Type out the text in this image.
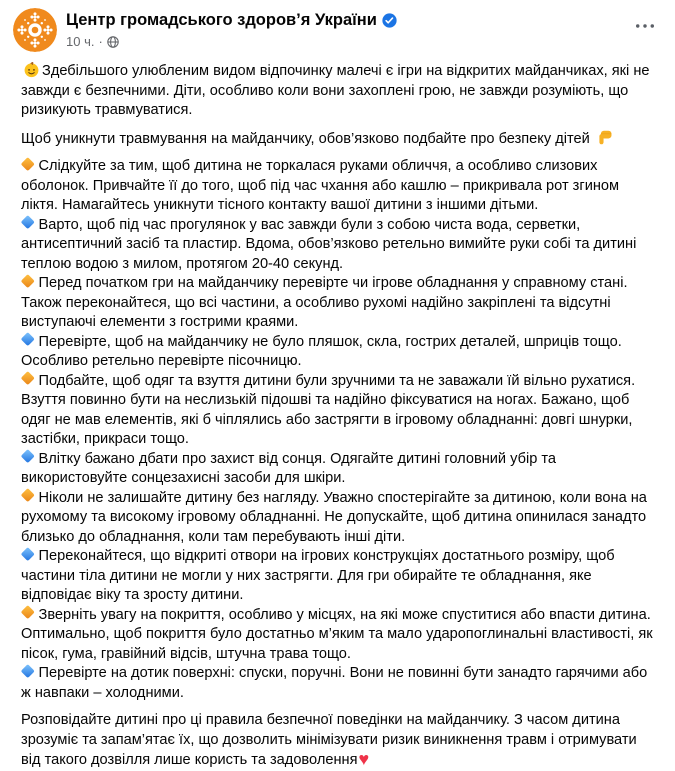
Центр громадського здоров’я України
10 ч. ·

Здебільшого улюбленим видом відпочинку малечі є ігри на відкритих майданчиках, які не завжди є безпечними. Діти, особливо коли вони захоплені грою, не завжди розуміють, що ризикують травмуватися.

Щоб уникнути травмування на майданчику, обов’язково подбайте про безпеку дітей

Слідкуйте за тим, щоб дитина не торкалася руками обличчя, а особливо слизових оболонок. Привчайте її до того, щоб під час чхання або кашлю – прикривала рот згином ліктя. Намагайтесь уникнути тісного контакту вашої дитини з іншими дітьми.
Варто, щоб під час прогулянок у вас завжди були з собою чиста вода, серветки, антисептичний засіб та пластир. Вдома, обов’язково ретельно вимийте руки собі та дитині теплою водою з милом, протягом 20-40 секунд.
Перед початком гри на майданчику перевірте чи ігрове обладнання у справному стані. Також переконайтеся, що всі частини, а особливо рухомі надійно закріплені та відсутні виступаючі елементи з гострими краями.
Перевірте, щоб на майданчику не було пляшок, скла, гострих деталей, шприців тощо. Особливо ретельно перевірте пісочницю.
Подбайте, щоб одяг та взуття дитини були зручними та не заважали їй вільно рухатися. Взуття повинно бути на неслизькій підошві та надійно фіксуватися на ногах. Бажано, щоб одяг не мав елементів, які б чіплялись або застрягти в ігровому обладнанні: довгі шнурки, застібки, прикраси тощо.
Влітку бажано дбати про захист від сонця. Одягайте дитині головний убір та використовуйте сонцезахисні засоби для шкіри.
Ніколи не залишайте дитину без нагляду. Уважно спостерігайте за дитиною, коли вона на рухомому та високому ігровому обладнанні. Не допускайте, щоб дитина опинилася занадто близько до обладнання, коли там перебувають інші діти.
Переконайтеся, що відкриті отвори на ігрових конструкціях достатнього розміру, щоб частини тіла дитини не могли у них застрягти. Для гри обирайте те обладнання, яке відповідає віку та зросту дитини.
Зверніть увагу на покриття, особливо у місцях, на які може спуститися або впасти дитина. Оптимально, щоб покриття було достатньо м’яким та мало ударопоглинальні властивості, як пісок, гума, гравійний відсів, штучна трава тощо.
Перевірте на дотик поверхні: спуски, поручні. Вони не повинні бути занадто гарячими або ж навпаки – холодними.

Розповідайте дитині про ці правила безпечної поведінки на майданчику. З часом дитина зрозуміє та запам’ятає їх, що дозволить мінімізувати ризик виникнення травм і отримувати від такого дозвілля лише користь та задоволення♥
